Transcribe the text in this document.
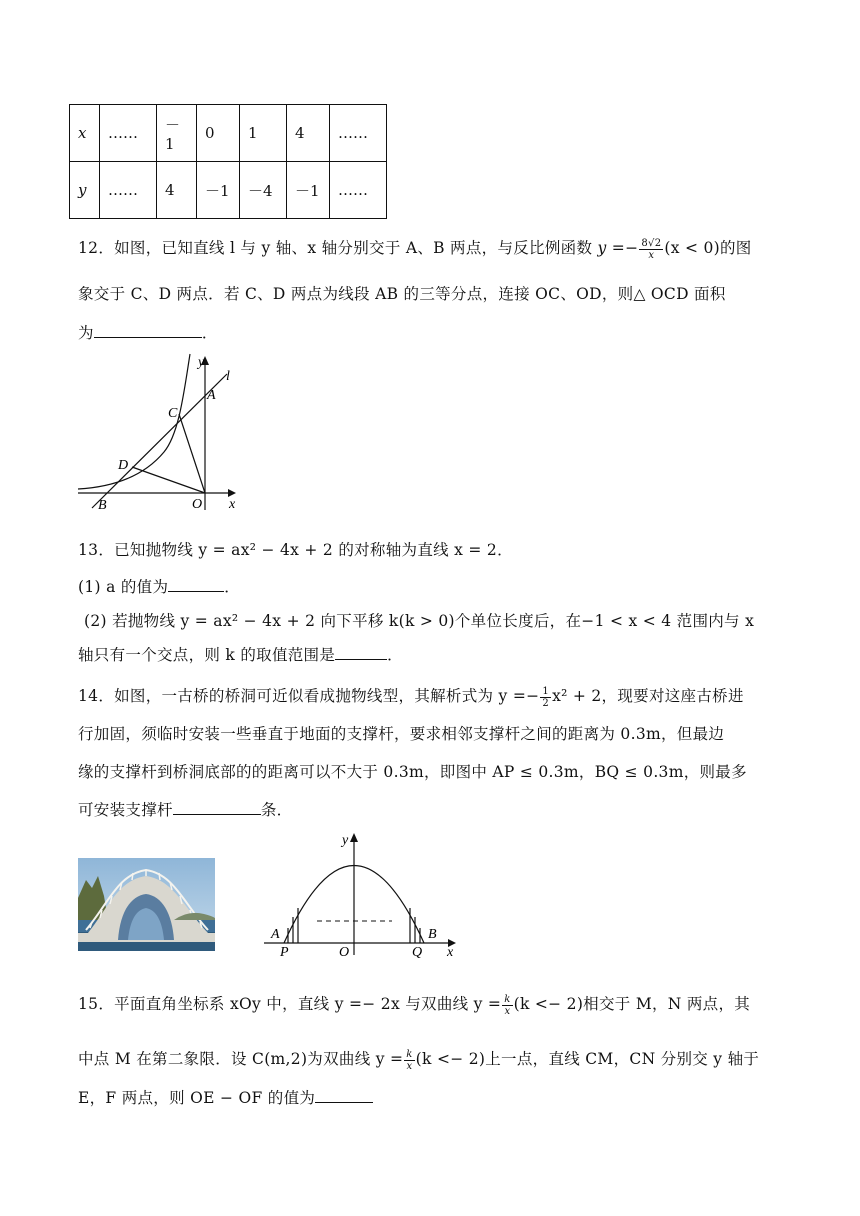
x	……	－1	0	1	4	……
y	……	4	－1	－4	－1	……
12．如图，已知直线 l 与 y 轴、x 轴分别交于 A、B 两点，与反比例函数 $y =- \frac{8√2}{x} (x < 0)$的图
象交于 C、D 两点．若 C、D 两点为线段 AB 的三等分点，连接 OC、OD，则△ OCD 面积
为	．
y
l
A
C
D
B	O x
13．已知抛物线 y = ax² − 4x + 2 的对称轴为直线 x = 2．
(1) a 的值为	．
(2) 若抛物线 y = ax² − 4x + 2 向下平移 k(k > 0)个单位长度后，在−1 < x < 4 范围内与 x
轴只有一个交点，则 k 的取值范围是	．
14．如图，一古桥的桥洞可近似看成抛物线型，其解析式为 $y =- \frac{1}{2} x^2 + 2$，现要对这座古桥进
行加固，须临时安装一些垂直于地面的支撑杆，要求相邻支撑杆之间的距离为 0.3m，但最边
缘的支撑杆到桥洞底部的的距离可以不大于 0.3m，即图中 AP ≤ 0.3m，BQ ≤ 0.3m，则最多
可安装支撑杆	条．
y
A
P	O	Q
B
x
15．平面直角坐标系 xOy 中，直线 y =− 2x 与双曲线 $y = \frac{k}{x} (k <- 2)$相交于 M，N 两点，其
中点 M 在第二象限．设 C(m,2)为双曲线 $y = \frac{k}{x} (k <- 2)$上一点，直线 CM，CN 分别交 y 轴于
E，F 两点，则 OE − OF 的值为
